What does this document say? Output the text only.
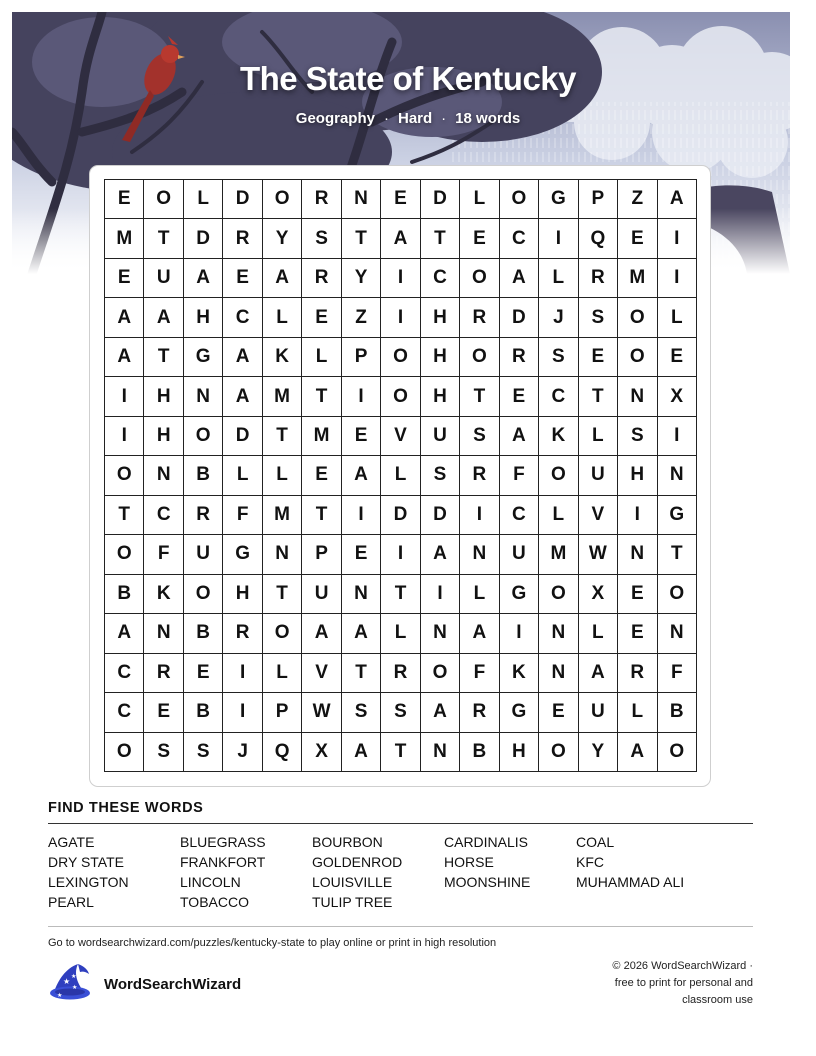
The State of Kentucky
Geography · Hard · 18 words
E	O	L	D	O	R	N	E	D	L	O	G	P	Z	A
M	T	D	R	Y	S	T	A	T	E	C	I	Q	E	I
E	U	A	E	A	R	Y	I	C	O	A	L	R	M	I
A	A	H	C	L	E	Z	I	H	R	D	J	S	O	L
A	T	G	A	K	L	P	O	H	O	R	S	E	O	E
I	H	N	A	M	T	I	O	H	T	E	C	T	N	X
I	H	O	D	T	M	E	V	U	S	A	K	L	S	I
O	N	B	L	L	E	A	L	S	R	F	O	U	H	N
T	C	R	F	M	T	I	D	D	I	C	L	V	I	G
O	F	U	G	N	P	E	I	A	N	U	M	W	N	T
B	K	O	H	T	U	N	T	I	L	G	O	X	E	O
A	N	B	R	O	A	A	L	N	A	I	N	L	E	N
C	R	E	I	L	V	T	R	O	F	K	N	A	R	F
C	E	B	I	P	W	S	S	A	R	G	E	U	L	B
O	S	S	J	Q	X	A	T	N	B	H	O	Y	A	O
FIND THESE WORDS
AGATE	BLUEGRASS	BOURBON	CARDINALIS	COAL
DRY STATE	FRANKFORT	GOLDENROD	HORSE	KFC
LEXINGTON	LINCOLN	LOUISVILLE	MOONSHINE	MUHAMMAD ALI
PEARL	TOBACCO	TULIP TREE
Go to wordsearchwizard.com/puzzles/kentucky-state to play online or print in high resolution
★
★
★
★
WordSearchWizard
© 2026 WordSearchWizard ·
free to print for personal and
classroom use
